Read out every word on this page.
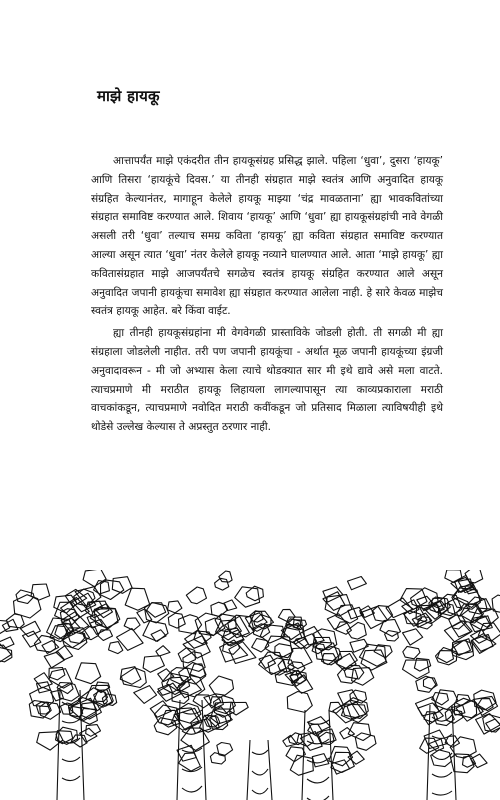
माझे हायकू

आत्तापर्यंत माझे एकंदरीत तीन हायकूसंग्रह प्रसिद्ध झाले. पहिला ‘धुवा’, दुसरा ‘हायकू’ आणि तिसरा ‘हायकूंचे दिवस.’ या तीनही संग्रहात माझे स्वतंत्र आणि अनुवादित हायकू संग्रहित केल्यानंतर, मागाहून केलेले हायकू माझ्या ‘चंद्र मावळताना’ ह्या भावकवितांच्या संग्रहात समाविष्ट करण्यात आले. शिवाय ‘हायकू’ आणि ‘धुवा’ ह्या हायकूसंग्रहांची नावे वेगळी असली तरी ‘धुवा’ तल्याच समग्र कविता ‘हायकू’ ह्या कविता संग्रहात समाविष्ट करण्यात आल्या असून त्यात ‘धुवा’ नंतर केलेले हायकू नव्याने घालण्यात आले. आता ‘माझे हायकू’ ह्या कवितासंग्रहात माझे आजपर्यंतचे सगळेच स्वतंत्र हायकू संग्रहित करण्यात आले असून अनुवादित जपानी हायकूंचा समावेश ह्या संग्रहात करण्यात आलेला नाही. हे सारे केवळ माझेच स्वतंत्र हायकू आहेत. बरे किंवा वाईट.

ह्या तीनही हायकूसंग्रहांना मी वेगवेगळी प्रास्ताविके जोडली होती. ती सगळी मी ह्या संग्रहाला जोडलेली नाहीत. तरी पण जपानी हायकूंचा - अर्थात मूळ जपानी हायकूंच्या इंग्रजी अनुवादावरून - मी जो अभ्यास केला त्याचे थोडक्यात सार मी इथे द्यावे असे मला वाटते. त्याचप्रमाणे मी मराठीत हायकू लिहायला लागल्यापासून त्या काव्यप्रकाराला मराठी वाचकांकडून, त्याचप्रमाणे नवोदित मराठी कवींकडून जो प्रतिसाद मिळाला त्याविषयीही इथे थोडेसे उल्लेख केल्यास ते अप्रस्तुत ठरणार नाही.
